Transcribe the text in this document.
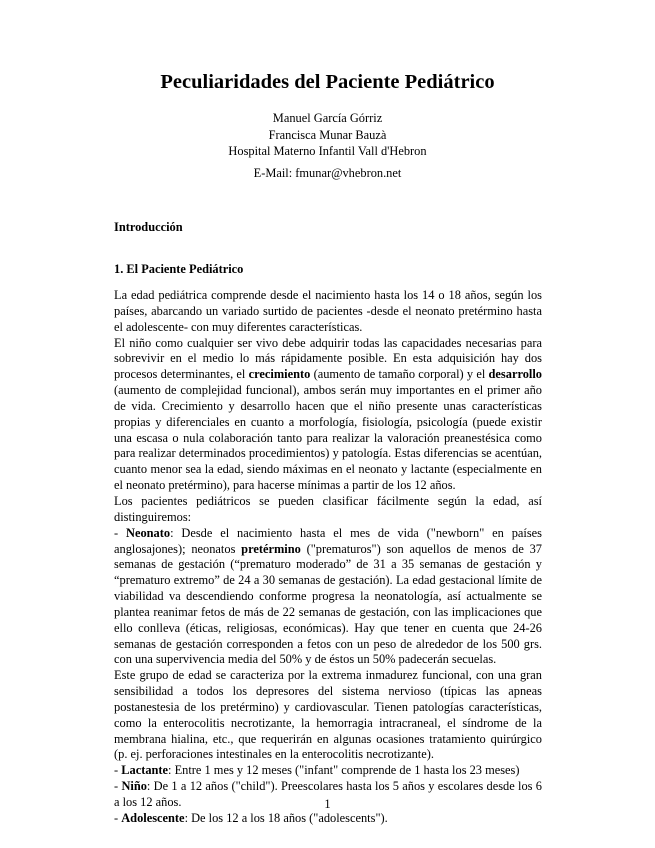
Peculiaridades del Paciente Pediátrico
Manuel García Górriz
Francisca Munar Bauzà
Hospital Materno Infantil Vall d'Hebron
E-Mail: fmunar@vhebron.net
Introducción
1. El Paciente Pediátrico

La edad pediátrica comprende desde el nacimiento hasta los 14 o 18 años, según los países, abarcando un variado surtido de pacientes -desde el neonato pretérmino hasta el adolescente- con muy diferentes características.

El niño como cualquier ser vivo debe adquirir todas las capacidades necesarias para sobrevivir en el medio lo más rápidamente posible. En esta adquisición hay dos procesos determinantes, el crecimiento (aumento de tamaño corporal) y el desarrollo (aumento de complejidad funcional), ambos serán muy importantes en el primer año de vida. Crecimiento y desarrollo hacen que el niño presente unas características propias y diferenciales en cuanto a morfología, fisiología, psicología (puede existir una escasa o nula colaboración tanto para realizar la valoración preanestésica como para realizar determinados procedimientos) y patología. Estas diferencias se acentúan, cuanto menor sea la edad, siendo máximas en el neonato y lactante (especialmente en el neonato pretérmino), para hacerse mínimas a partir de los 12 años.

Los pacientes pediátricos se pueden clasificar fácilmente según la edad, así distinguiremos:

- Neonato: Desde el nacimiento hasta el mes de vida ("newborn" en países anglosajones); neonatos pretérmino ("prematuros") son aquellos de menos de 37 semanas de gestación (“prematuro moderado” de 31 a 35 semanas de gestación y “prematuro extremo” de 24 a 30 semanas de gestación). La edad gestacional límite de viabilidad va descendiendo conforme progresa la neonatología, así actualmente se plantea reanimar fetos de más de 22 semanas de gestación, con las implicaciones que ello conlleva (éticas, religiosas, económicas). Hay que tener en cuenta que 24-26 semanas de gestación corresponden a fetos con un peso de alrededor de los 500 grs. con una supervivencia media del 50% y de éstos un 50% padecerán secuelas.

Este grupo de edad se caracteriza por la extrema inmadurez funcional, con una gran sensibilidad a todos los depresores del sistema nervioso (típicas las apneas postanestesia de los pretérmino) y cardiovascular. Tienen patologías características, como la enterocolitis necrotizante, la hemorragia intracraneal, el síndrome de la membrana hialina, etc., que requerirán en algunas ocasiones tratamiento quirúrgico (p. ej. perforaciones intestinales en la enterocolitis necrotizante).

- Lactante: Entre 1 mes y 12 meses ("infant" comprende de 1 hasta los 23 meses)

- Niño: De 1 a 12 años ("child"). Preescolares hasta los 5 años y escolares desde los 6 a los 12 años.

- Adolescente: De los 12 a los 18 años ("adolescents").

1
